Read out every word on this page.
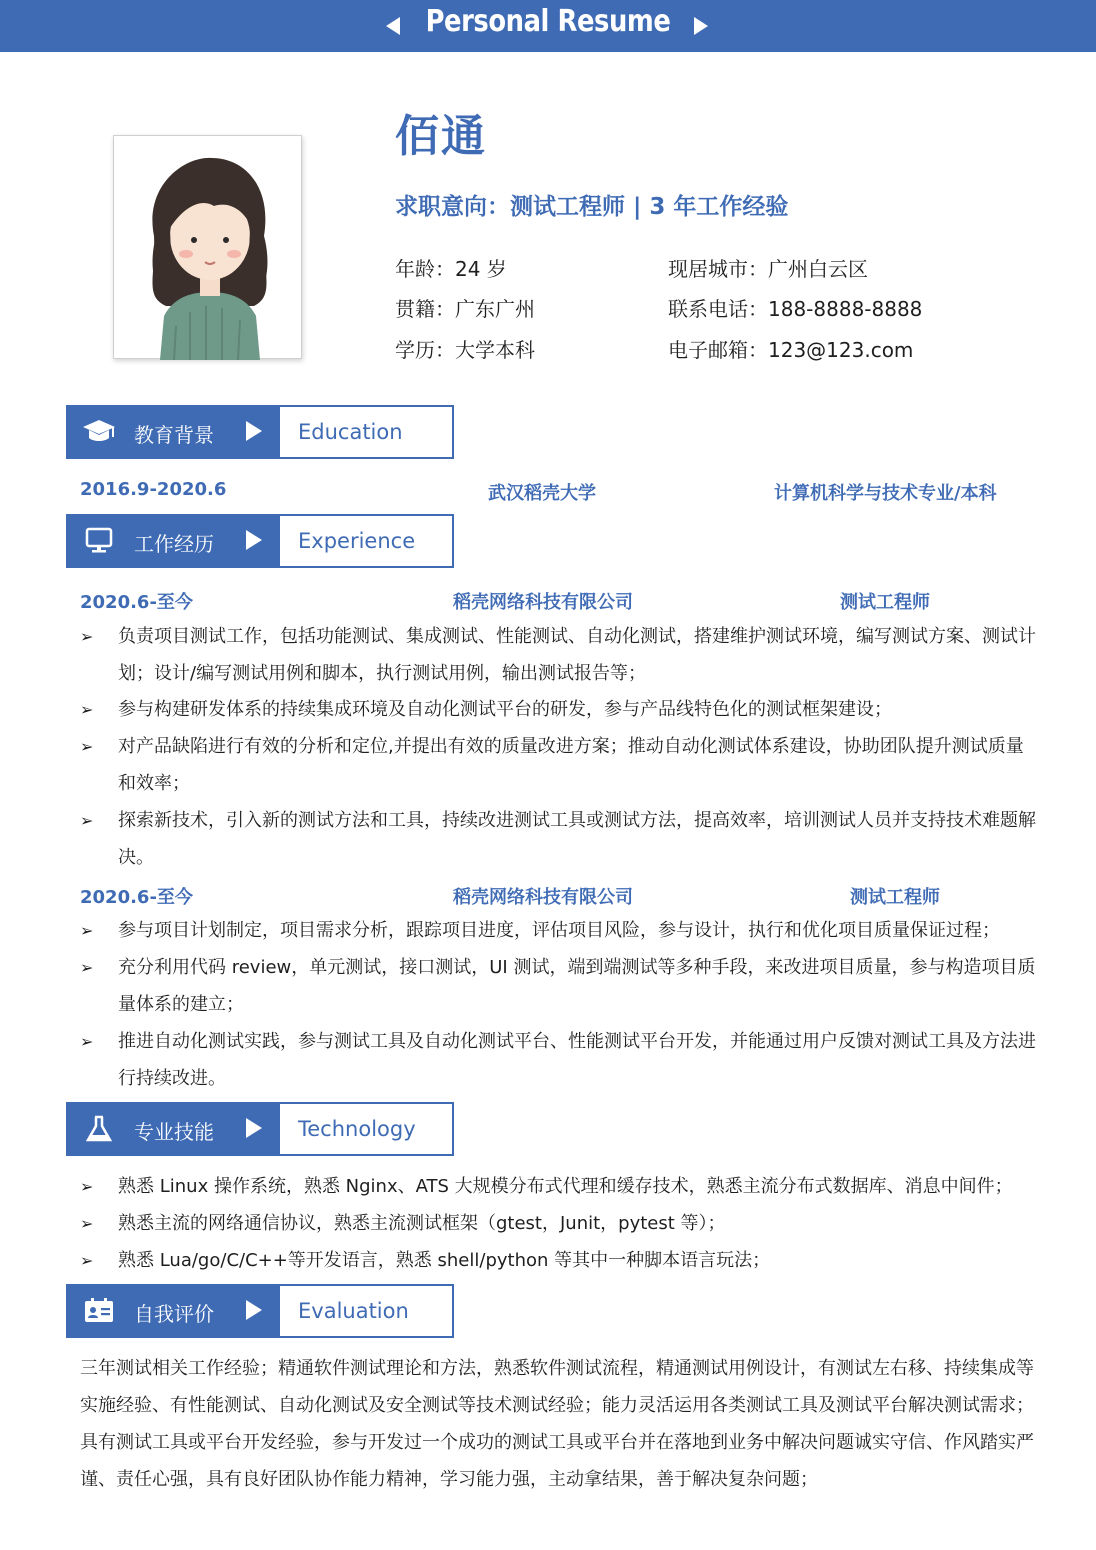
Personal Resume
佰通
求职意向：测试工程师 | 3 年工作经验
年龄：24 岁	现居城市：广州白云区
贯籍：广东广州	联系电话：188-8888-8888
学历：大学本科	电子邮箱：123@123.com
教育背景	Education
2016.9-2020.6	武汉稻壳大学	计算机科学与技术专业/本科
工作经历	Experience
2020.6-至今	稻壳网络科技有限公司	测试工程师
➢	负责项目测试工作，包括功能测试、集成测试、性能测试、自动化测试，搭建维护测试环境，编写测试方案、测试计划；设计/编写测试用例和脚本，执行测试用例，输出测试报告等；
➢	参与构建研发体系的持续集成环境及自动化测试平台的研发，参与产品线特色化的测试框架建设；
➢	对产品缺陷进行有效的分析和定位,并提出有效的质量改进方案；推动自动化测试体系建设，协助团队提升测试质量和效率；
➢	探索新技术，引入新的测试方法和工具，持续改进测试工具或测试方法，提高效率，培训测试人员并支持技术难题解决。
2020.6-至今	稻壳网络科技有限公司	测试工程师
➢	参与项目计划制定，项目需求分析，跟踪项目进度，评估项目风险，参与设计，执行和优化项目质量保证过程；
➢	充分利用代码 review，单元测试，接口测试，UI 测试，端到端测试等多种手段，来改进项目质量，参与构造项目质量体系的建立；
➢	推进自动化测试实践，参与测试工具及自动化测试平台、性能测试平台开发，并能通过用户反馈对测试工具及方法进行持续改进。
专业技能	Technology
➢	熟悉 Linux 操作系统，熟悉 Nginx、ATS 大规模分布式代理和缓存技术，熟悉主流分布式数据库、消息中间件；
➢	熟悉主流的网络通信协议，熟悉主流测试框架（gtest，Junit，pytest 等）；
➢	熟悉 Lua/go/C/C++等开发语言，熟悉 shell/python 等其中一种脚本语言玩法；
自我评价	Evaluation
三年测试相关工作经验；精通软件测试理论和方法，熟悉软件测试流程，精通测试用例设计，有测试左右移、持续集成等实施经验、有性能测试、自动化测试及安全测试等技术测试经验；能力灵活运用各类测试工具及测试平台解决测试需求；具有测试工具或平台开发经验，参与开发过一个成功的测试工具或平台并在落地到业务中解决问题诚实守信、作风踏实严谨、责任心强，具有良好团队协作能力精神，学习能力强，主动拿结果，善于解决复杂问题；
